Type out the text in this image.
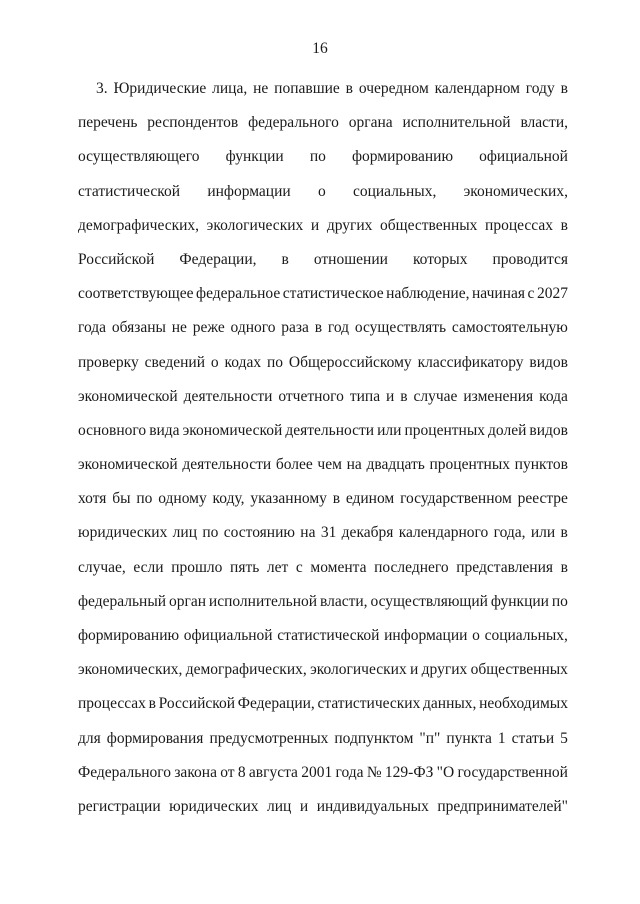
16
3. Юридические лица, не попавшие в очередном календарном году в
перечень респондентов федерального органа исполнительной власти,
осуществляющего функции по формированию официальной
статистической информации о социальных, экономических,
демографических, экологических и других общественных процессах в
Российской Федерации, в отношении которых проводится
соответствующее федеральное статистическое наблюдение, начиная с 2027
года обязаны не реже одного раза в год осуществлять самостоятельную
проверку сведений о кодах по Общероссийскому классификатору видов
экономической деятельности отчетного типа и в случае изменения кода
основного вида экономической деятельности или процентных долей видов
экономической деятельности более чем на двадцать процентных пунктов
хотя бы по одному коду, указанному в едином государственном реестре
юридических лиц по состоянию на 31 декабря календарного года, или в
случае, если прошло пять лет с момента последнего представления в
федеральный орган исполнительной власти, осуществляющий функции по
формированию официальной статистической информации о социальных,
экономических, демографических, экологических и других общественных
процессах в Российской Федерации, статистических данных, необходимых
для формирования предусмотренных подпунктом "п" пункта 1 статьи 5
Федерального закона от 8 августа 2001 года № 129-ФЗ "О государственной
регистрации юридических лиц и индивидуальных предпринимателей"
